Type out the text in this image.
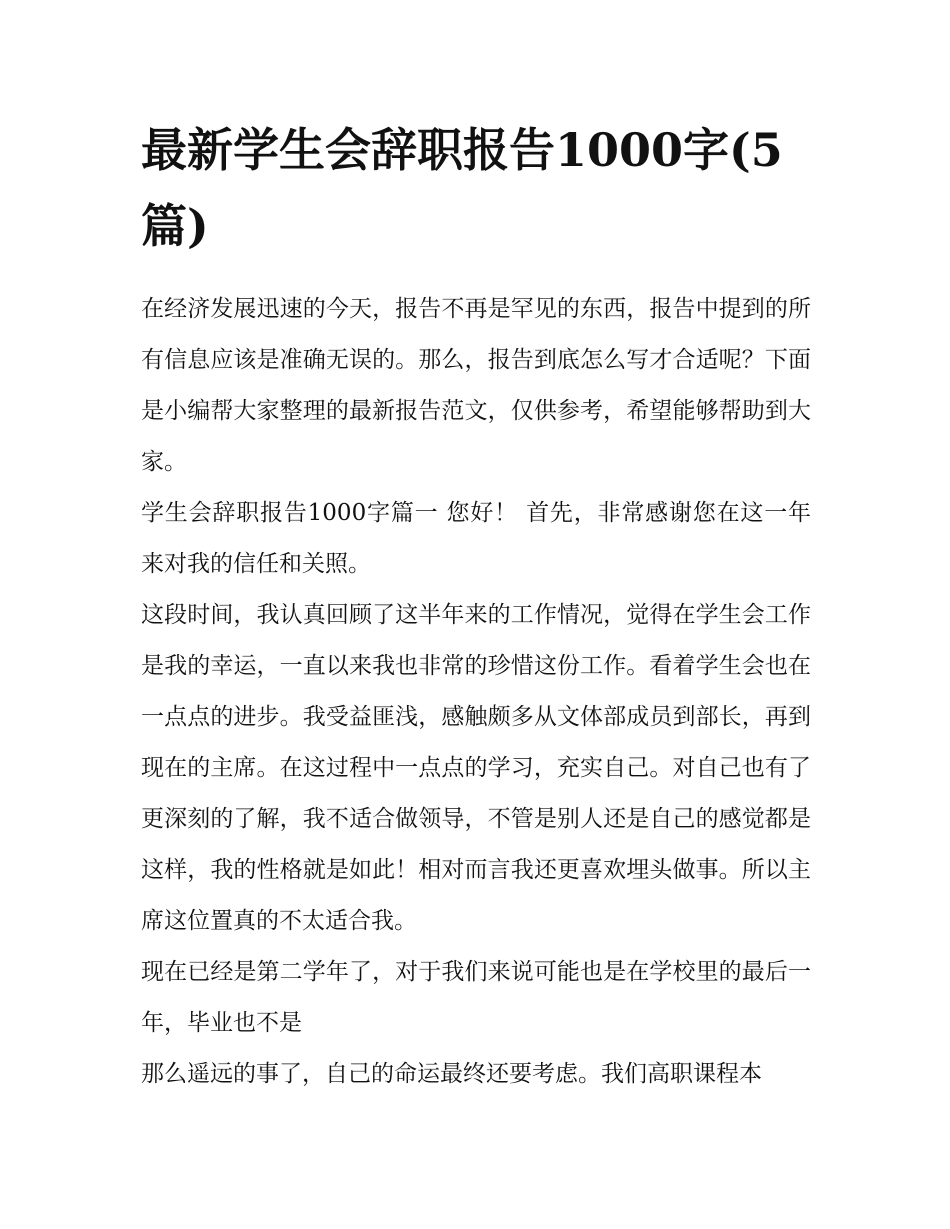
最新学生会辞职报告1000字(5篇)

在经济发展迅速的今天，报告不再是罕见的东西，报告中提到的所有信息应该是准确无误的。那么，报告到底怎么写才合适呢？下面是小编帮大家整理的最新报告范文，仅供参考，希望能够帮助到大家。

学生会辞职报告1000字篇一 您好！ 首先，非常感谢您在这一年来对我的信任和关照。

这段时间，我认真回顾了这半年来的工作情况，觉得在学生会工作是我的幸运，一直以来我也非常的珍惜这份工作。看着学生会也在一点点的进步。我受益匪浅，感触颇多从文体部成员到部长，再到现在的主席。在这过程中一点点的学习，充实自己。对自己也有了更深刻的了解，我不适合做领导，不管是别人还是自己的感觉都是这样，我的性格就是如此！相对而言我还更喜欢埋头做事。所以主席这位置真的不太适合我。

现在已经是第二学年了，对于我们来说可能也是在学校里的最后一年，毕业也不是

那么遥远的事了，自己的命运最终还要考虑。我们高职课程本
